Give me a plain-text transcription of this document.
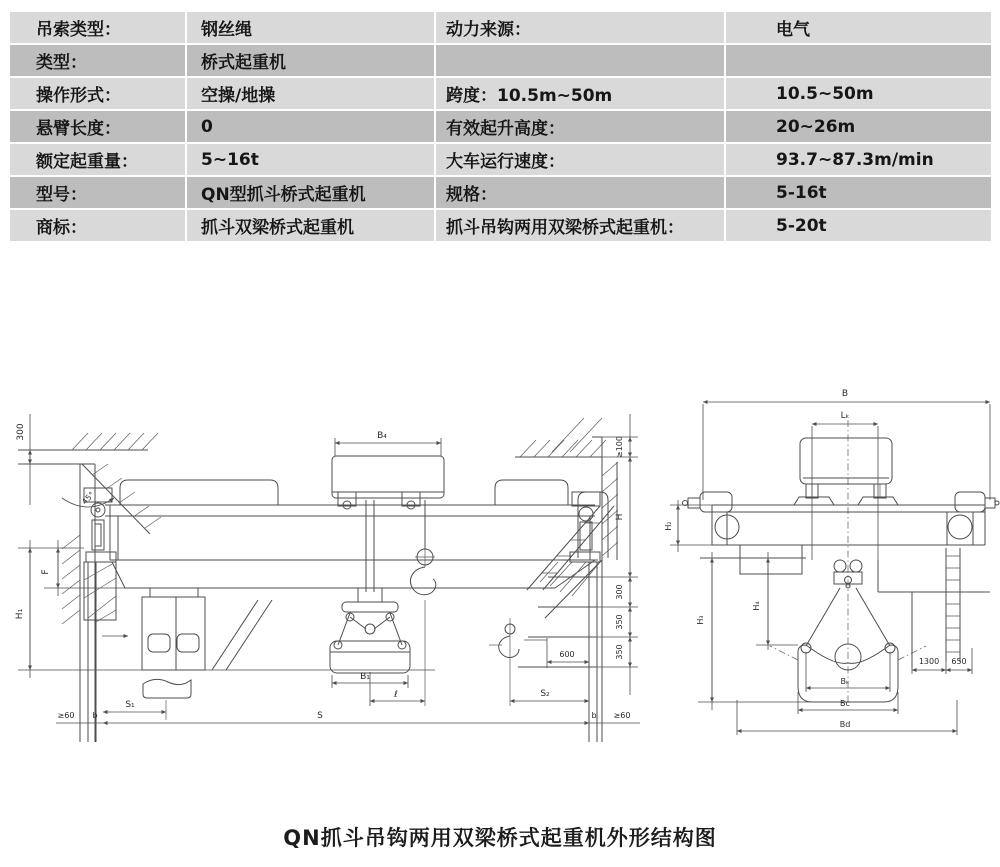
吊索类型：	钢丝绳	动力来源：	电气
类型：	桥式起重机
操作形式：	空操/地操	跨度：10.5m~50m	10.5~50m
悬臂长度：	0	有效起升高度：	20~26m
额定起重量：	5~16t	大车运行速度：	93.7~87.3m/min
型号：	QN型抓斗桥式起重机	规格：	5-16t
商标：	抓斗双梁桥式起重机	抓斗吊钩两用双梁桥式起重机：	5-20t
300
45°
B₄
B₁
ℓ
≥100
H
300
350
350
F
H₁
S
S₁
≥60 b
S₂
600
b ≥60
B
Lₖ
H₂
H₃
H₄
Bₖ
Bc
Bd
1300 650
QN抓斗吊钩两用双梁桥式起重机外形结构图
